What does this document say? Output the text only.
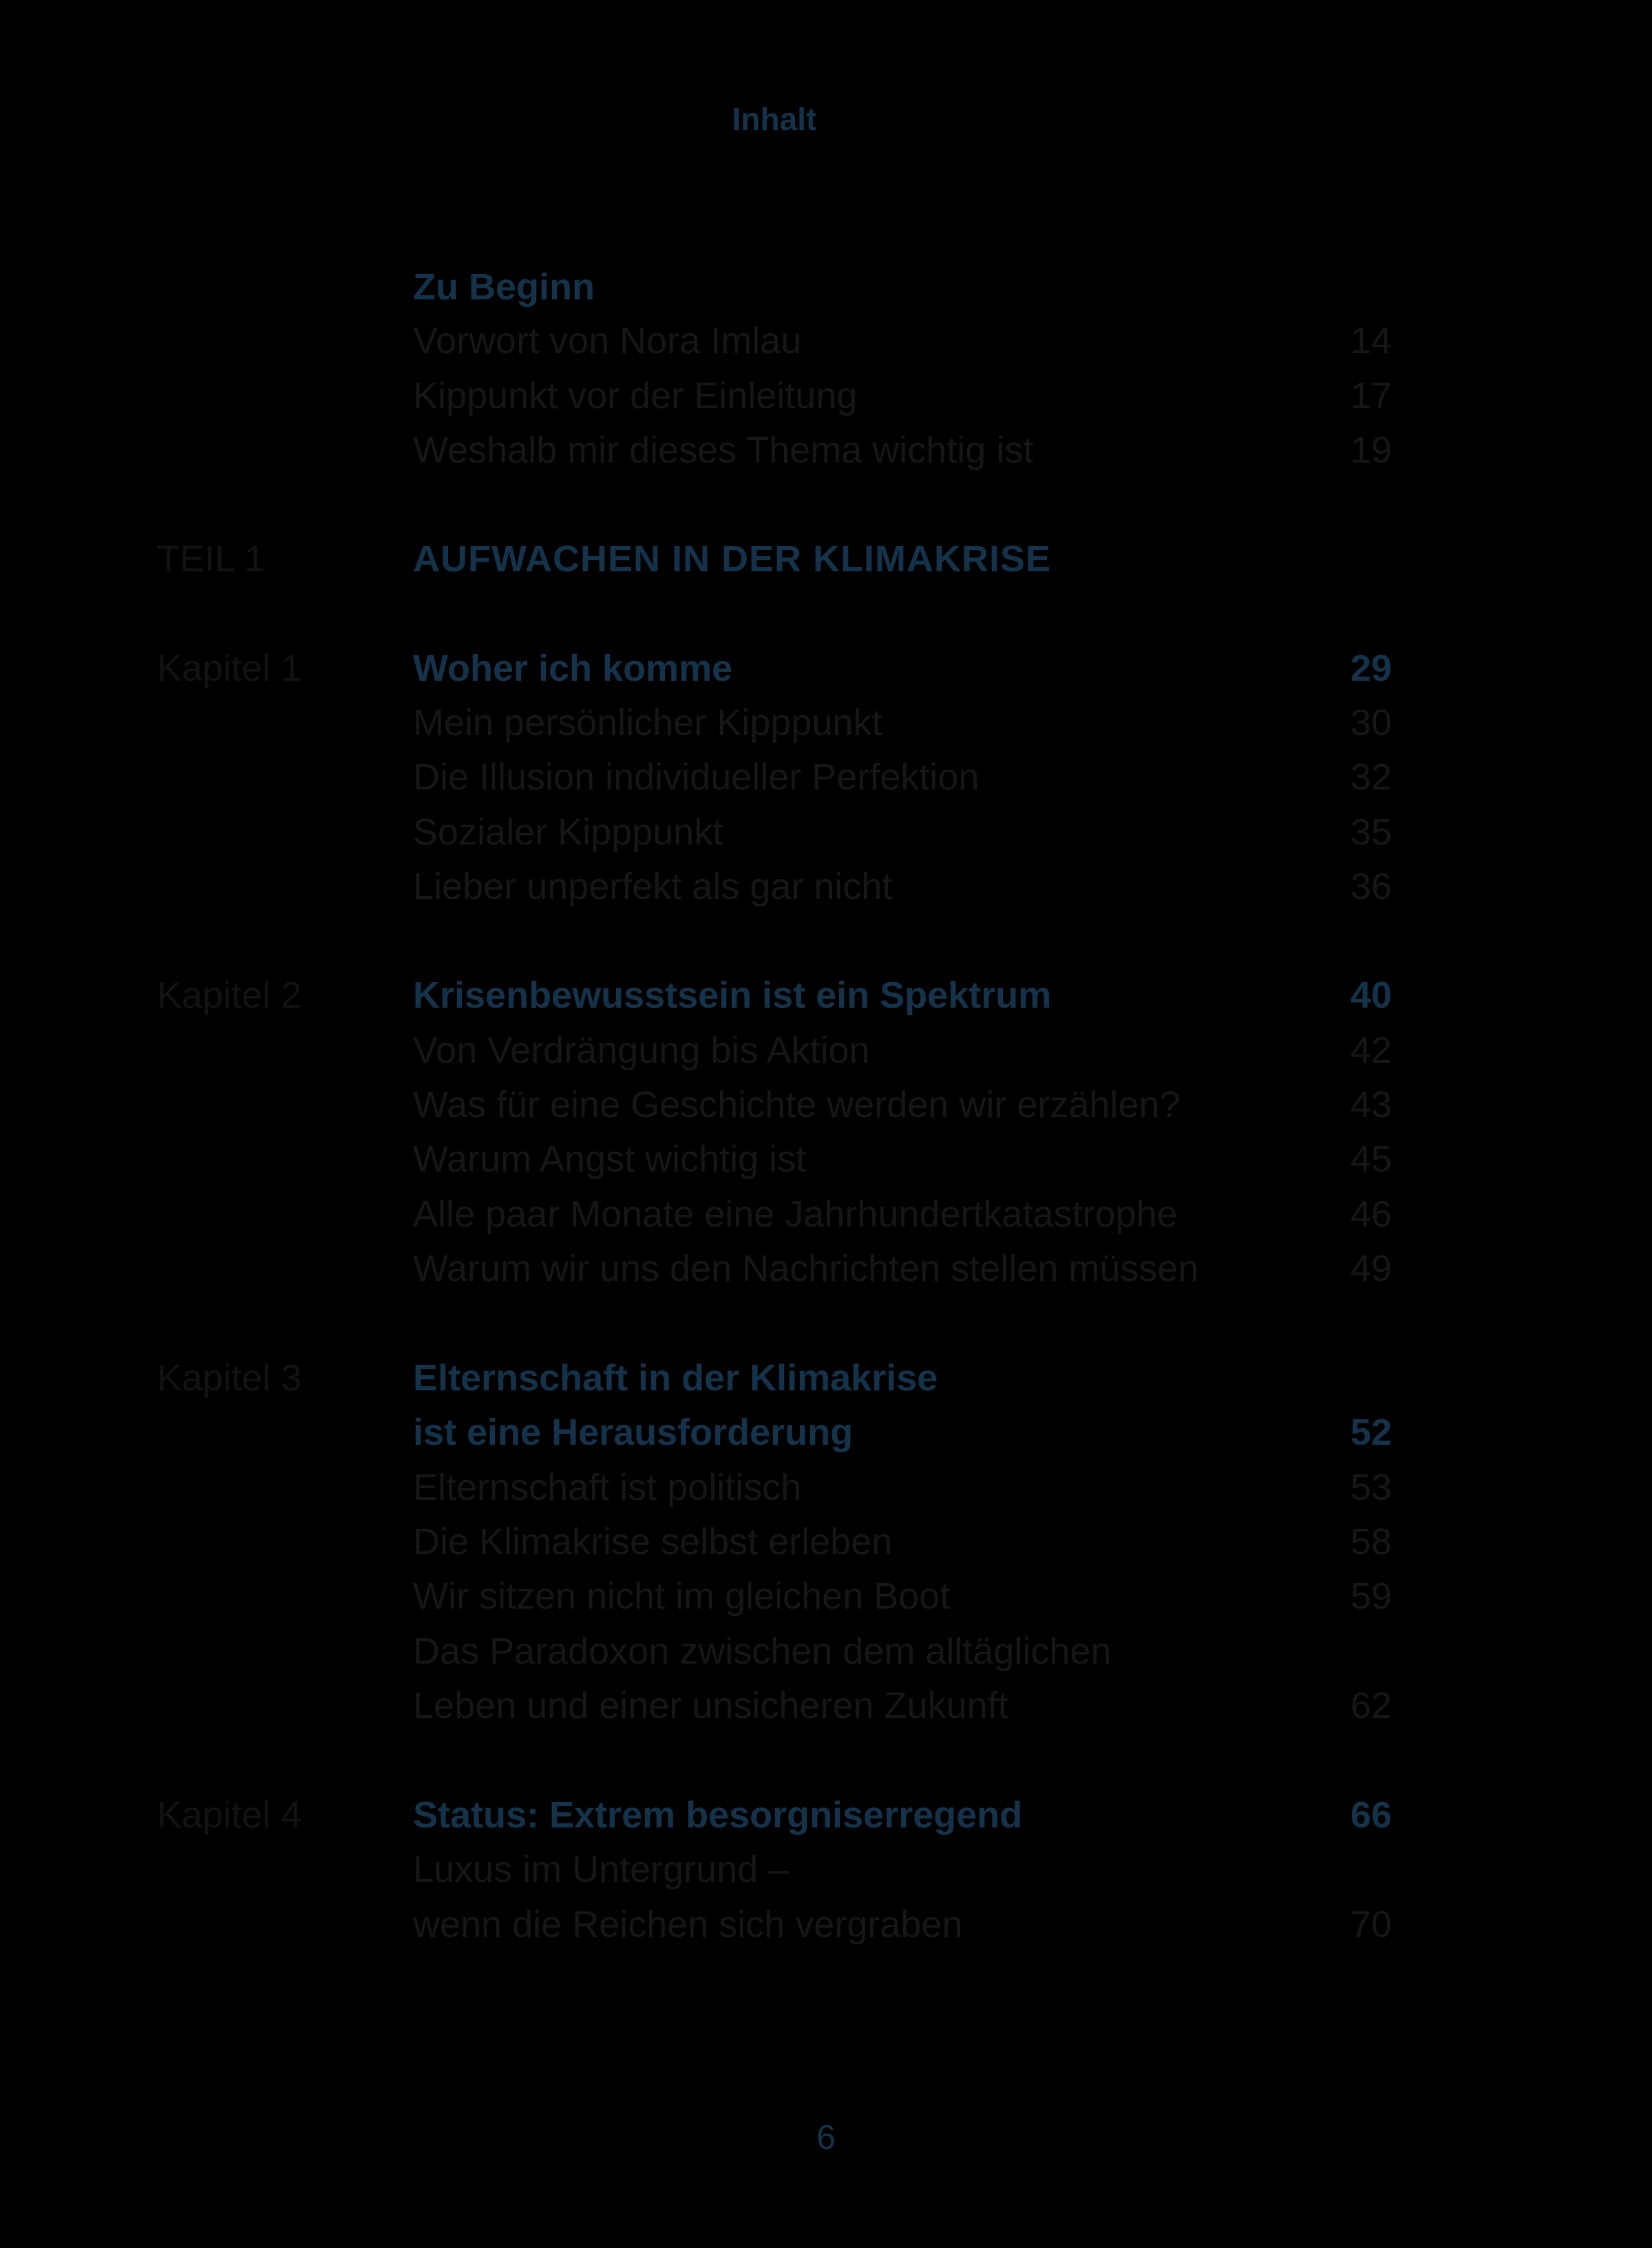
Inhalt
Zu Beginn
Vorwort von Nora Imlau	14
Kippunkt vor der Einleitung	17
Weshalb mir dieses Thema wichtig ist	19
TEIL 1	AUFWACHEN IN DER KLIMAKRISE
Kapitel 1	Woher ich komme	29
Mein persönlicher Kipppunkt	30
Die Illusion individueller Perfektion	32
Sozialer Kipppunkt	35
Lieber unperfekt als gar nicht	36
Kapitel 2	Krisenbewusstsein ist ein Spektrum	40
Von Verdrängung bis Aktion	42
Was für eine Geschichte werden wir erzählen?	43
Warum Angst wichtig ist	45
Alle paar Monate eine Jahrhundertkatastrophe	46
Warum wir uns den Nachrichten stellen müssen	49
Kapitel 3	Elternschaft in der Klimakrise
ist eine Herausforderung	52
Elternschaft ist politisch	53
Die Klimakrise selbst erleben	58
Wir sitzen nicht im gleichen Boot	59
Das Paradoxon zwischen dem alltäglichen
Leben und einer unsicheren Zukunft	62
Kapitel 4	Status: Extrem besorgniserregend	66
Luxus im Untergrund –
wenn die Reichen sich vergraben	70
6
